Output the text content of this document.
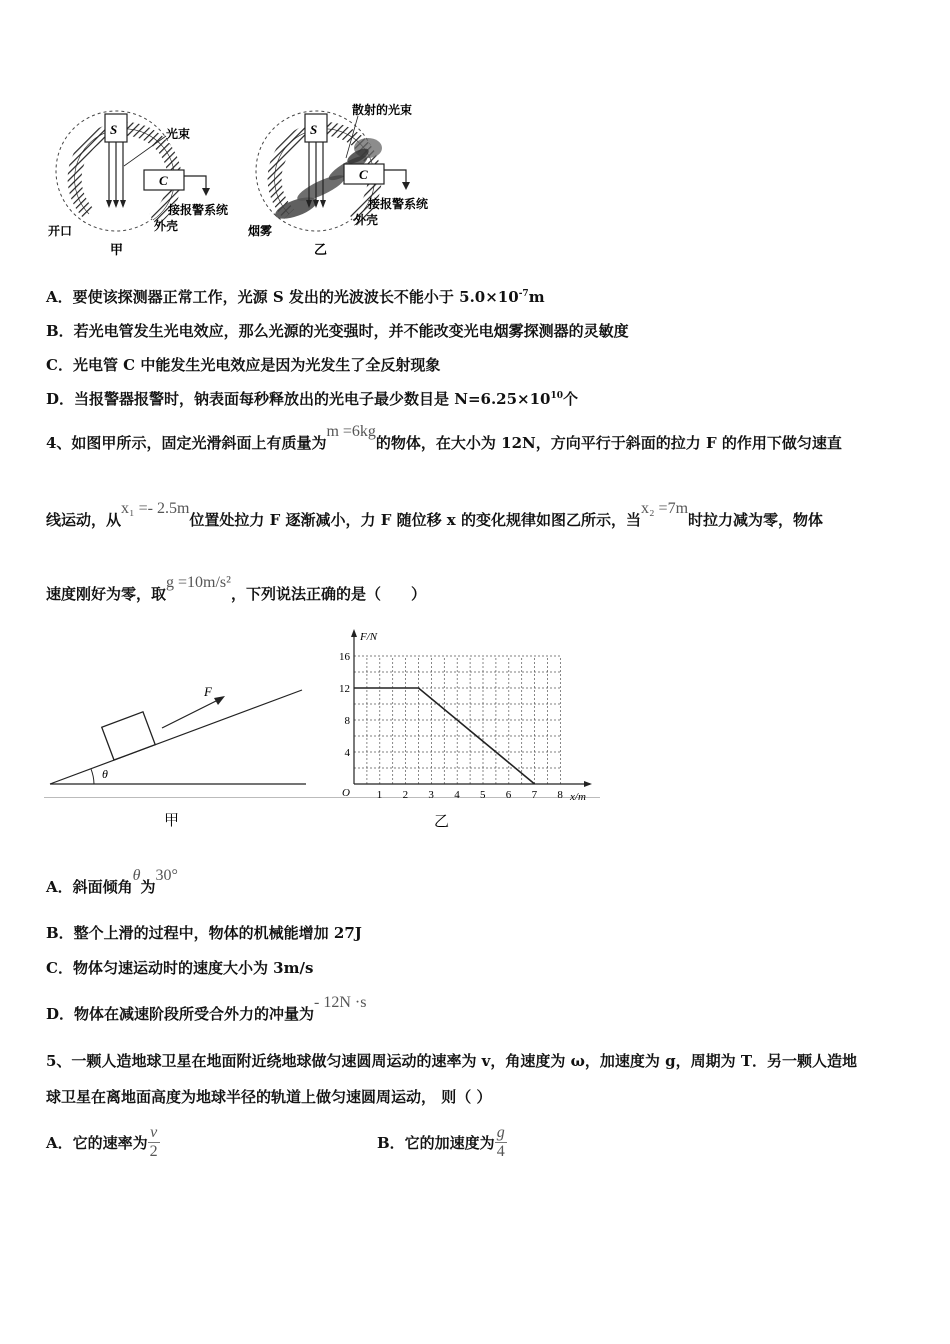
S
C
光束
接报警系统
外壳
开口
甲
S
C
散射的光束
接报警系统
外壳
烟雾
乙
A．要使该探测器正常工作，光源 S 发出的光波波长不能小于 $5.0\times 10^{-7}m$
B．若光电管发生光电效应，那么光源的光变强时，并不能改变光电烟雾探测器的灵敏度
C．光电管 C 中能发生光电效应是因为光发生了全反射现象
D．当报警器报警时，钠表面每秒释放出的光电子最少数目是 $N=6.25\times 10^{10}$个
4、如图甲所示，固定光滑斜面上有质量为m =6kg的物体，在大小为 12N，方向平行于斜面的拉力 F 的作用下做匀速直
线运动，从x₁ =- 2.5m位置处拉力 F 逐渐减小，力 F 随位移 x 的变化规律如图乙所示，当x₂ =7m时拉力减为零，物体
速度刚好为零，取g =10m/s²，下列说法正确的是（　　）
θ
F
甲
F/N
x/m
O 1 2 3 4 5 6 7 8
4
8
12
16
乙
A．斜面倾角θ为30°
B．整个上滑的过程中，物体的机械能增加 27J
C．物体匀速运动时的速度大小为 3m/s
D．物体在减速阶段所受合外力的冲量为- 12N ·s
5、一颗人造地球卫星在地面附近绕地球做匀速圆周运动的速率为 v，角速度为 ω，加速度为 g，周期为 T．另一颗人造地
球卫星在离地面高度为地球半径的轨道上做匀速圆周运动， 则（ ）
A．它的速率为 $\frac{v}{2}$	B．它的加速度为 $\frac{g}{4}$
